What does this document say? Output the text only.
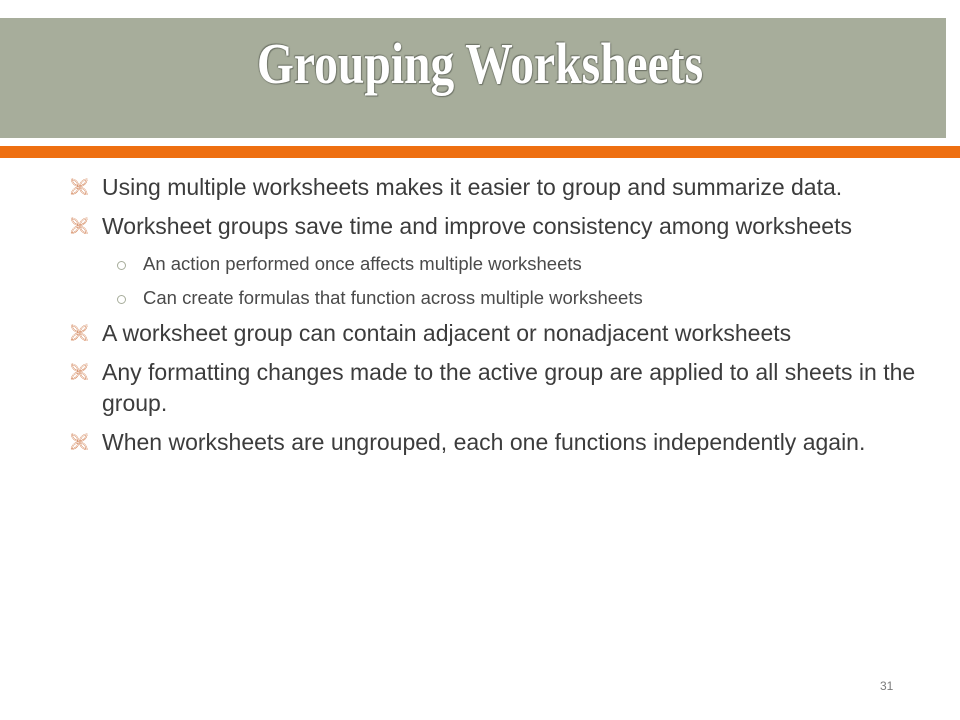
Grouping Worksheets
🙨 Using multiple worksheets makes it easier to group and summarize data.
🙨 Worksheet groups save time and improve consistency among worksheets
An action performed once affects multiple worksheets
Can create formulas that function across multiple worksheets
🙨 A worksheet group can contain adjacent or nonadjacent worksheets
🙨 Any formatting changes made to the active group are applied to all sheets in the group.
🙨 When worksheets are ungrouped, each one functions independently again.
31
